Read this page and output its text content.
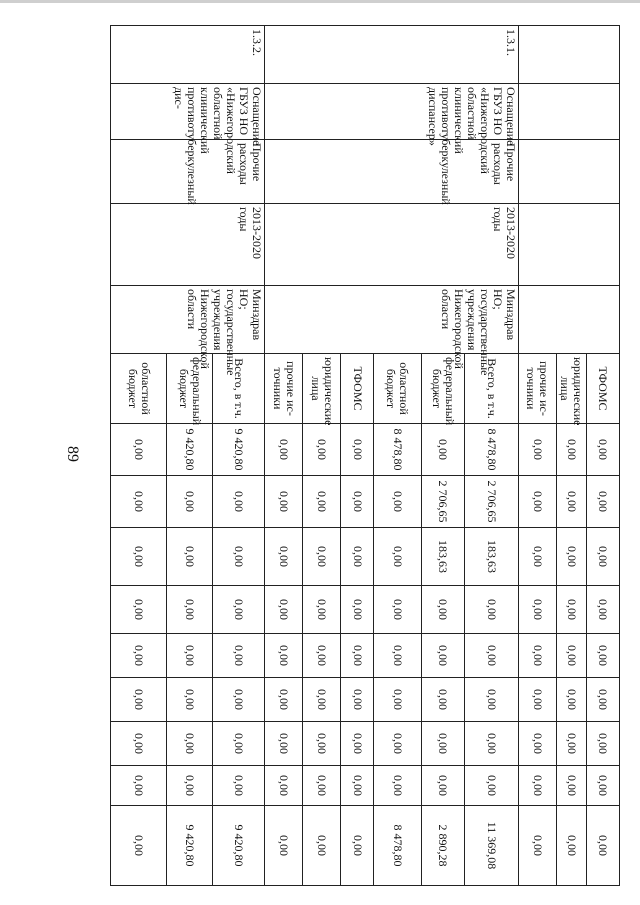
89
					ТФОМС	0,00	0,00	0,00	0,00	0,00	0,00	0,00	0,00	0,00
					юридические лица	0,00	0,00	0,00	0,00	0,00	0,00	0,00	0,00	0,00
					прочие ис-точники	0,00	0,00	0,00	0,00	0,00	0,00	0,00	0,00	0,00
1.3.1.	Оснащение ГБУЗ НО «Нижегородский областной клинический противотуберкулезный диспансер»	Прочие расходы	2013-2020 годы	Минздрав НО; государственные учреждения Нижегородской области	Всего, в т.ч.	8 478,80	2 706,65	183,63	0,00	0,00	0,00	0,00	0,00	11 369,08
					федеральный бюджет	0,00	2 706,65	183,63	0,00	0,00	0,00	0,00	0,00	2 890,28
					областной бюджет	8 478,80	0,00	0,00	0,00	0,00	0,00	0,00	0,00	8 478,80
					ТФОМС	0,00	0,00	0,00	0,00	0,00	0,00	0,00	0,00	0,00
					юридические лица	0,00	0,00	0,00	0,00	0,00	0,00	0,00	0,00	0,00
					прочие ис-точники	0,00	0,00	0,00	0,00	0,00	0,00	0,00	0,00	0,00
1.3.2.	Оснащение ГБУЗ НО «Нижегородский областной клинический противотуберкулезный дис-	Прочие расходы	2013-2020 годы	Минздрав НО; государственные учреждения Нижегородской области	Всего, в т.ч.	9 420,80	0,00	0,00	0,00	0,00	0,00	0,00	0,00	9 420,80
					федеральный бюджет	9 420,80	0,00	0,00	0,00	0,00	0,00	0,00	0,00	9 420,80
					областной бюджет	0,00	0,00	0,00	0,00	0,00	0,00	0,00	0,00	0,00
